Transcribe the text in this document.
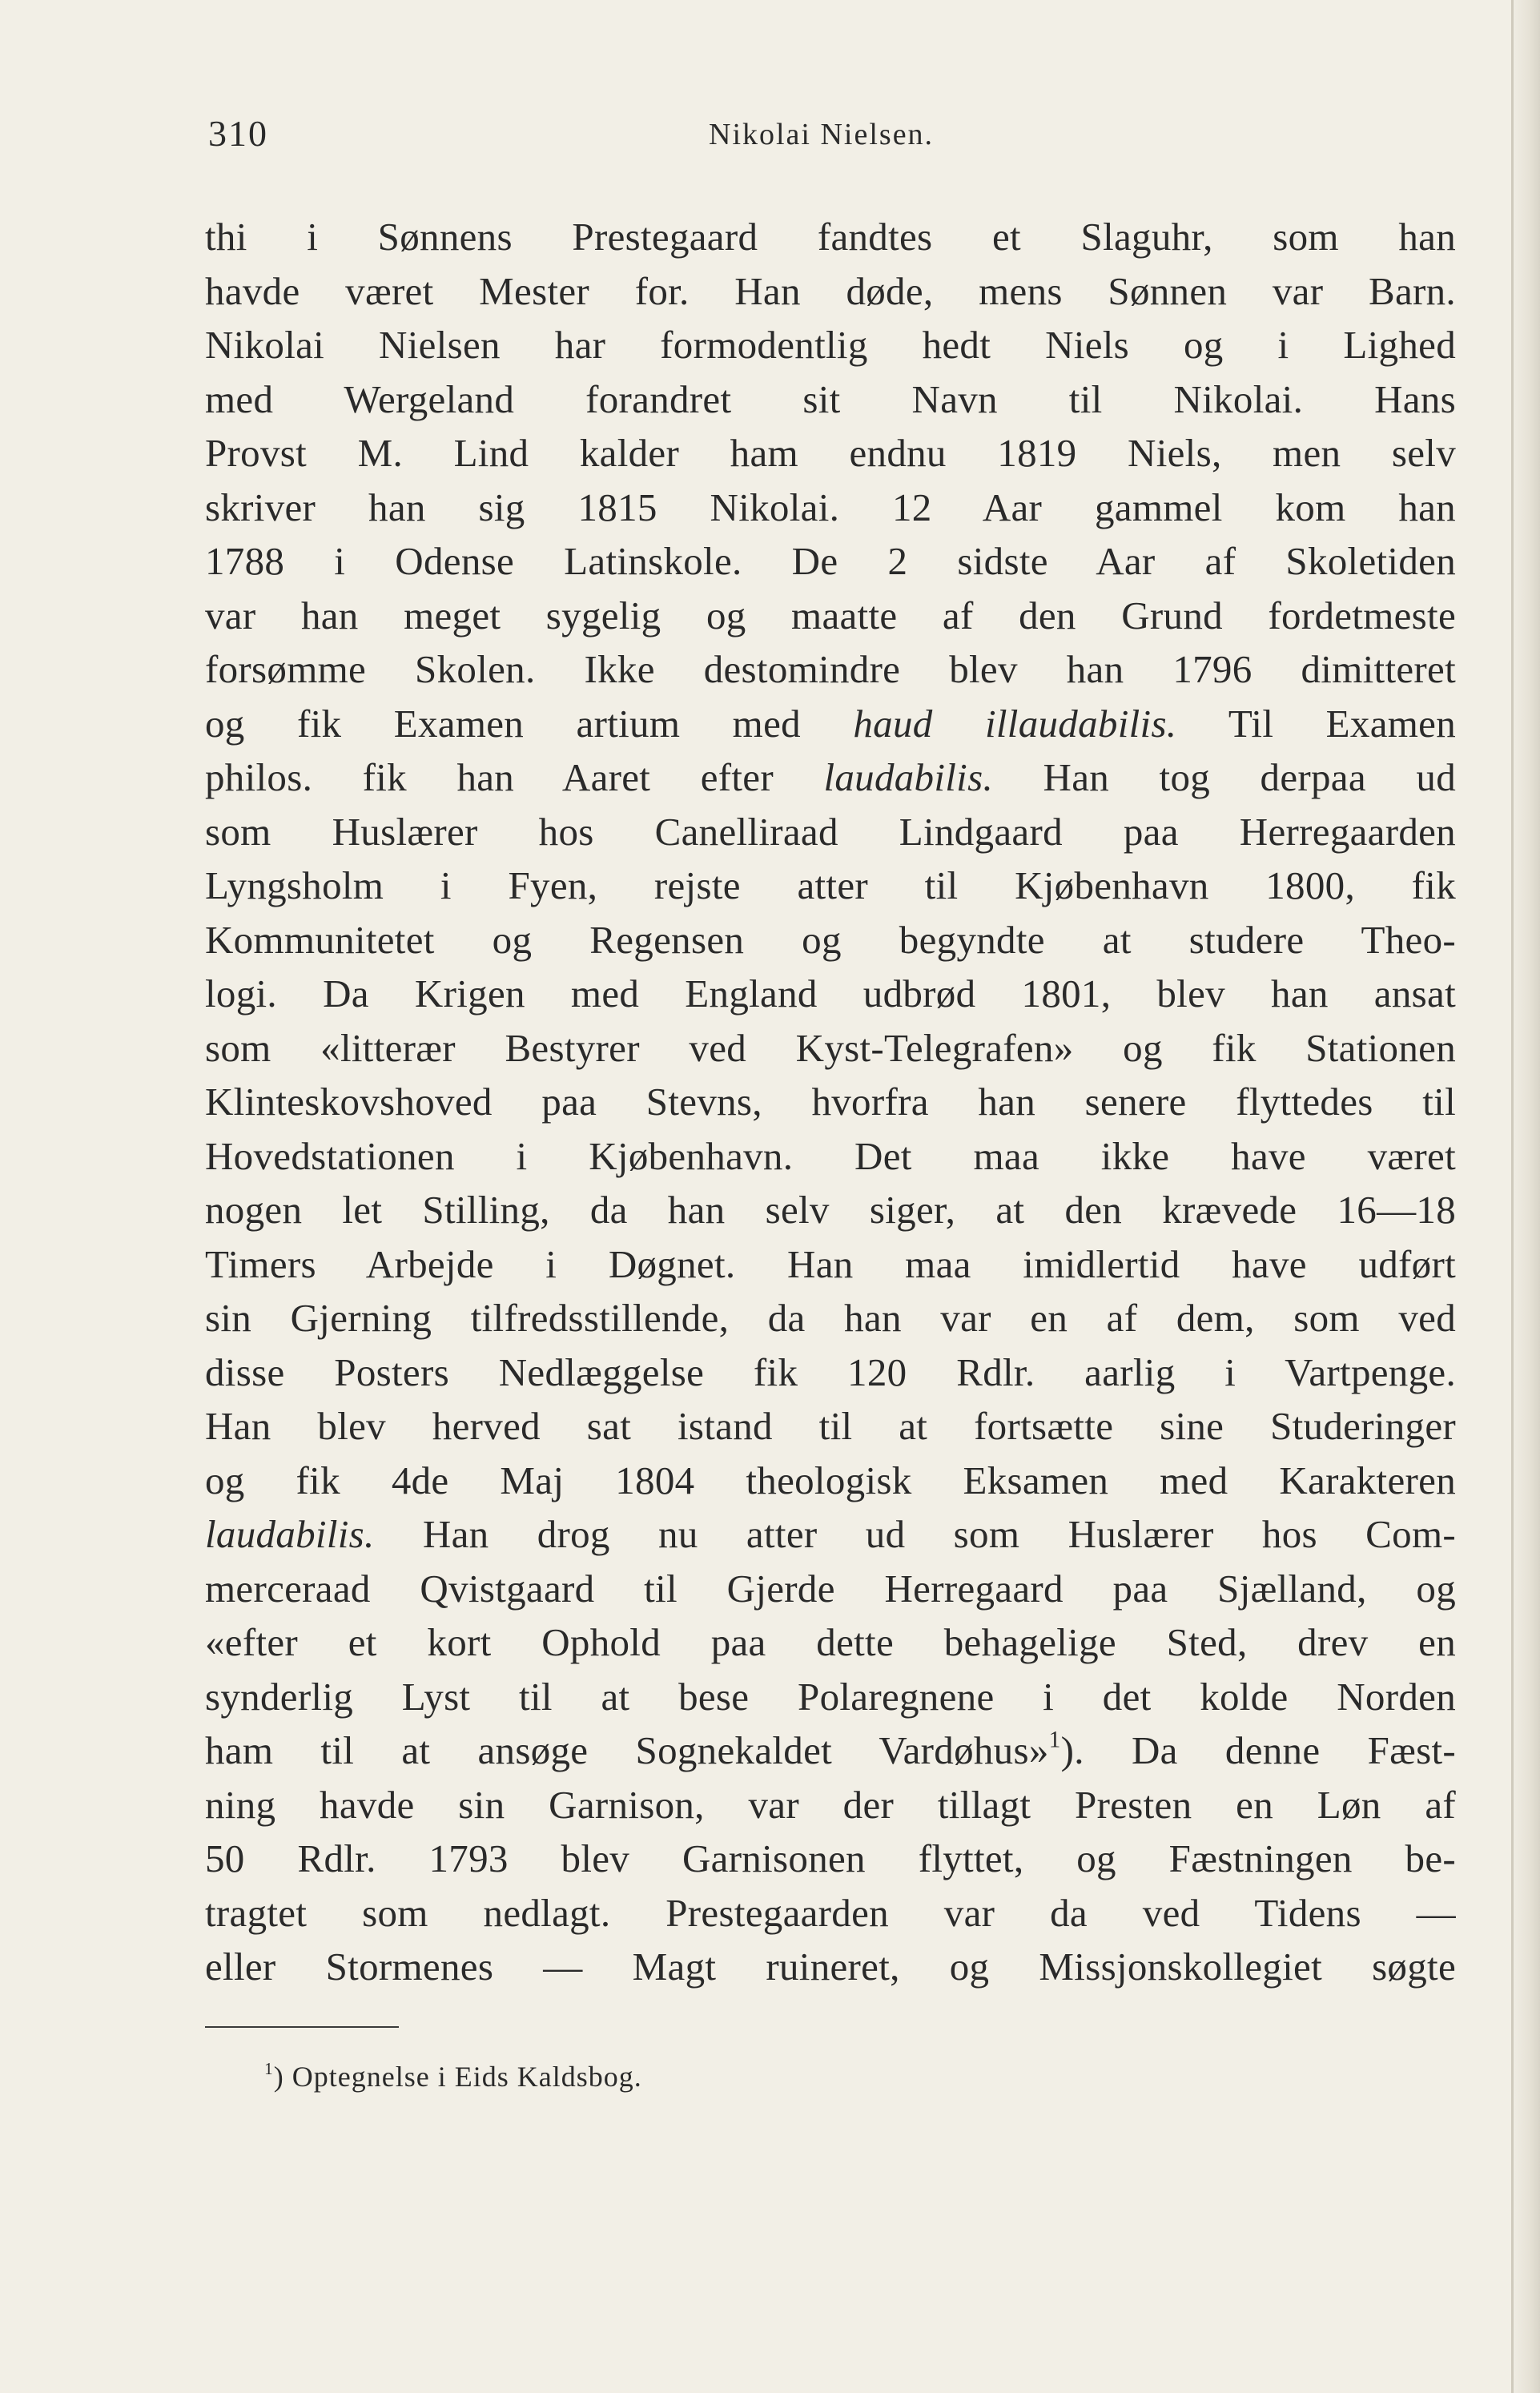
310	Nikolai Nielsen.
thi i Sønnens Prestegaard fandtes et Slaguhr, som han
havde været Mester for. Han døde, mens Sønnen var Barn.
Nikolai Nielsen har formodentlig hedt Niels og i Lighed
med Wergeland forandret sit Navn til Nikolai. Hans
Provst M. Lind kalder ham endnu 1819 Niels, men selv
skriver han sig 1815 Nikolai. 12 Aar gammel kom han
1788 i Odense Latinskole. De 2 sidste Aar af Skoletiden
var han meget sygelig og maatte af den Grund fordetmeste
forsømme Skolen. Ikke destomindre blev han 1796 dimitteret
og fik Examen artium med haud illaudabilis. Til Examen
philos. fik han Aaret efter laudabilis. Han tog derpaa ud
som Huslærer hos Canelliraad Lindgaard paa Herregaarden
Lyngsholm i Fyen, rejste atter til Kjøbenhavn 1800, fik
Kommunitetet og Regensen og begyndte at studere Theo-
logi. Da Krigen med England udbrød 1801, blev han ansat
som «litterær Bestyrer ved Kyst-Telegrafen» og fik Stationen
Klinteskovshoved paa Stevns, hvorfra han senere flyttedes til
Hovedstationen i Kjøbenhavn. Det maa ikke have været
nogen let Stilling, da han selv siger, at den krævede 16—18
Timers Arbejde i Døgnet. Han maa imidlertid have udført
sin Gjerning tilfredsstillende, da han var en af dem, som ved
disse Posters Nedlæggelse fik 120 Rdlr. aarlig i Vartpenge.
Han blev herved sat istand til at fortsætte sine Studeringer
og fik 4de Maj 1804 theologisk Eksamen med Karakteren
laudabilis. Han drog nu atter ud som Huslærer hos Com-
merceraad Qvistgaard til Gjerde Herregaard paa Sjælland, og
«efter et kort Ophold paa dette behagelige Sted, drev en
synderlig Lyst til at bese Polaregnene i det kolde Norden
ham til at ansøge Sognekaldet Vardøhus»$^1$). Da denne Fæst-
ning havde sin Garnison, var der tillagt Presten en Løn af
50 Rdlr. 1793 blev Garnisonen flyttet, og Fæstningen be-
tragtet som nedlagt. Prestegaarden var da ved Tidens —
eller Stormenes — Magt ruineret, og Missjonskollegiet søgte
$^1$) Optegnelse i Eids Kaldsbog.
